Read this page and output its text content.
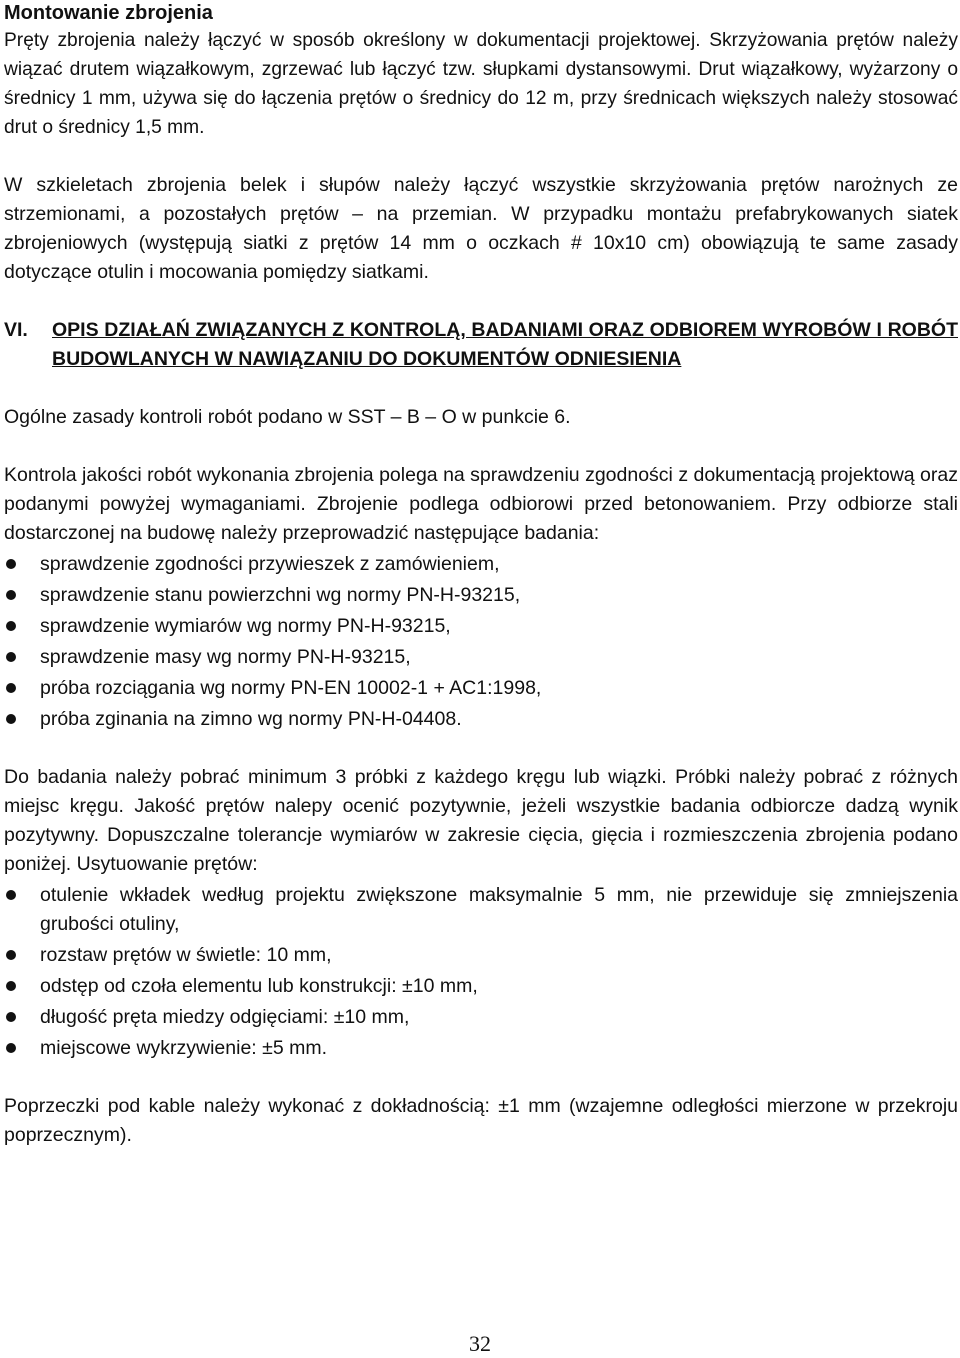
Montowanie zbrojenia

Pręty zbrojenia należy łączyć w sposób określony w dokumentacji projektowej. Skrzyżowania prętów należy wiązać drutem wiązałkowym, zgrzewać lub łączyć tzw. słupkami dystansowymi. Drut wiązałkowy, wyżarzony o średnicy 1 mm, używa się do łączenia prętów o średnicy do 12 m, przy średnicach większych należy stosować drut o średnicy 1,5 mm.

W szkieletach zbrojenia belek i słupów należy łączyć wszystkie skrzyżowania prętów narożnych ze strzemionami, a pozostałych prętów – na przemian. W przypadku montażu prefabrykowanych siatek zbrojeniowych (występują siatki z prętów 14 mm o oczkach # 10x10 cm) obowiązują te same zasady dotyczące otulin i mocowania pomiędzy siatkami.

VI.	OPIS DZIAŁAŃ ZWIĄZANYCH Z KONTROLĄ, BADANIAMI ORAZ ODBIOREM WYROBÓW I ROBÓT BUDOWLANYCH W NAWIĄZANIU DO DOKUMENTÓW ODNIESIENIA

Ogólne zasady kontroli robót podano w SST – B – O w punkcie 6.

Kontrola jakości robót wykonania zbrojenia polega na sprawdzeniu zgodności z dokumentacją projektową oraz podanymi powyżej wymaganiami. Zbrojenie podlega odbiorowi przed betonowaniem. Przy odbiorze stali dostarczonej na budowę należy przeprowadzić następujące badania:

sprawdzenie zgodności przywieszek z zamówieniem,
sprawdzenie stanu powierzchni wg normy PN-H-93215,
sprawdzenie wymiarów wg normy PN-H-93215,
sprawdzenie masy wg normy PN-H-93215,
próba rozciągania wg normy PN-EN 10002-1 + AC1:1998,
próba zginania na zimno wg normy PN-H-04408.

Do badania należy pobrać minimum 3 próbki z każdego kręgu lub wiązki. Próbki należy pobrać z różnych miejsc kręgu. Jakość prętów nalepy ocenić pozytywnie, jeżeli wszystkie badania odbiorcze dadzą wynik pozytywny. Dopuszczalne tolerancje wymiarów w zakresie cięcia, gięcia i rozmieszczenia zbrojenia podano poniżej. Usytuowanie prętów:

otulenie wkładek według projektu zwiększone maksymalnie 5 mm, nie przewiduje się zmniejszenia grubości otuliny,
rozstaw prętów w świetle: 10 mm,
odstęp od czoła elementu lub konstrukcji: ±10 mm,
długość pręta miedzy odgięciami: ±10 mm,
miejscowe wykrzywienie: ±5 mm.

Poprzeczki pod kable należy wykonać z dokładnością: ±1 mm (wzajemne odległości mierzone w przekroju poprzecznym).

32
